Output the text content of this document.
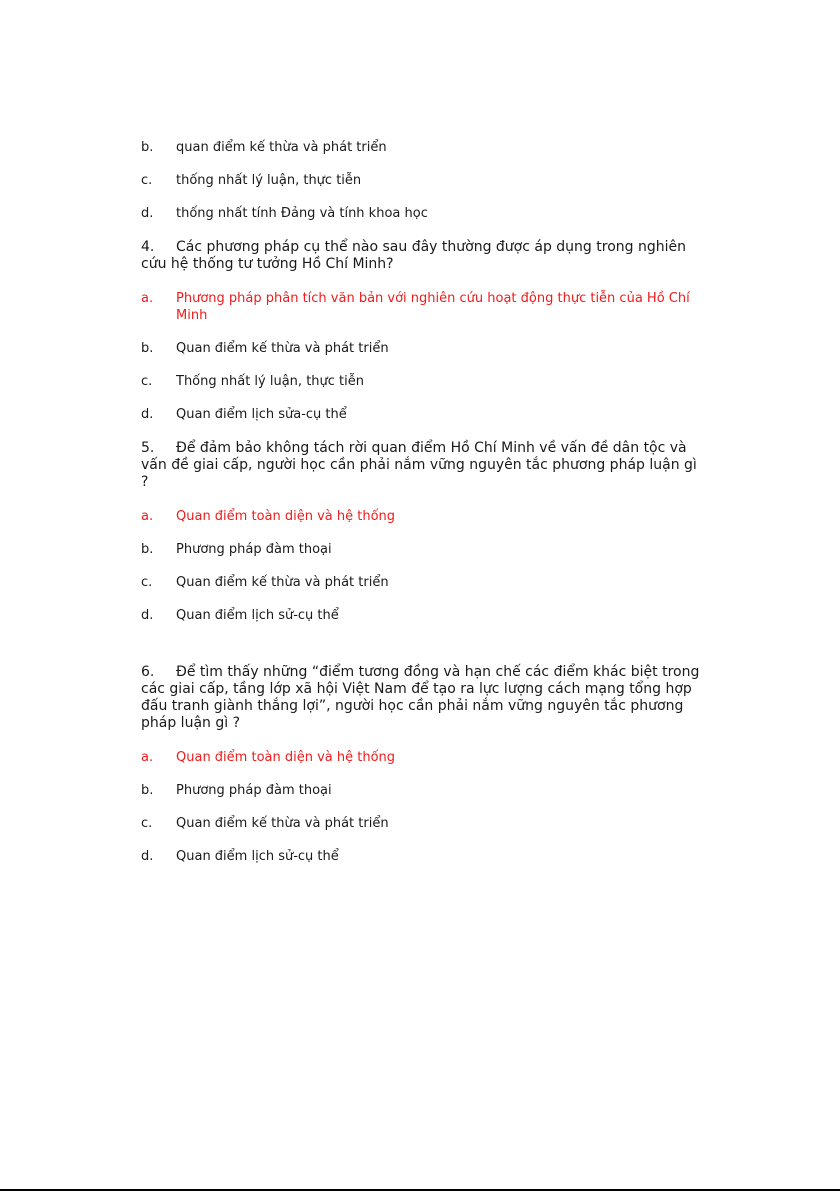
b.	quan điểm kế thừa và phát triển

c.	thống nhất lý luận, thực tiễn

d.	thống nhất tính Đảng và tính khoa học

4. Các phương pháp cụ thể nào sau đây thường được áp dụng trong nghiên cứu hệ thống tư tưởng Hồ Chí Minh?

a.	Phương pháp phân tích văn bản với nghiên cứu hoạt động thực tiễn của Hồ Chí Minh

b.	Quan điểm kế thừa và phát triển

c.	Thống nhất lý luận, thực tiễn

d.	Quan điểm lịch sửa-cụ thể

5. Để đảm bảo không tách rời quan điểm Hồ Chí Minh về vấn đề dân tộc và vấn đề giai cấp, người học cần phải nắm vững nguyên tắc phương pháp luận gì ?

a.	Quan điểm toàn diện và hệ thống

b.	Phương pháp đàm thoại

c.	Quan điểm kế thừa và phát triển

d.	Quan điểm lịch sử-cụ thể

6. Để tìm thấy những “điểm tương đồng và hạn chế các điểm khác biệt trong các giai cấp, tầng lớp xã hội Việt Nam để tạo ra lực lượng cách mạng tổng hợp đấu tranh giành thắng lợi”, người học cần phải nắm vững nguyên tắc phương pháp luận gì ?

a.	Quan điểm toàn diện và hệ thống

b.	Phương pháp đàm thoại

c.	Quan điểm kế thừa và phát triển

d.	Quan điểm lịch sử-cụ thể
